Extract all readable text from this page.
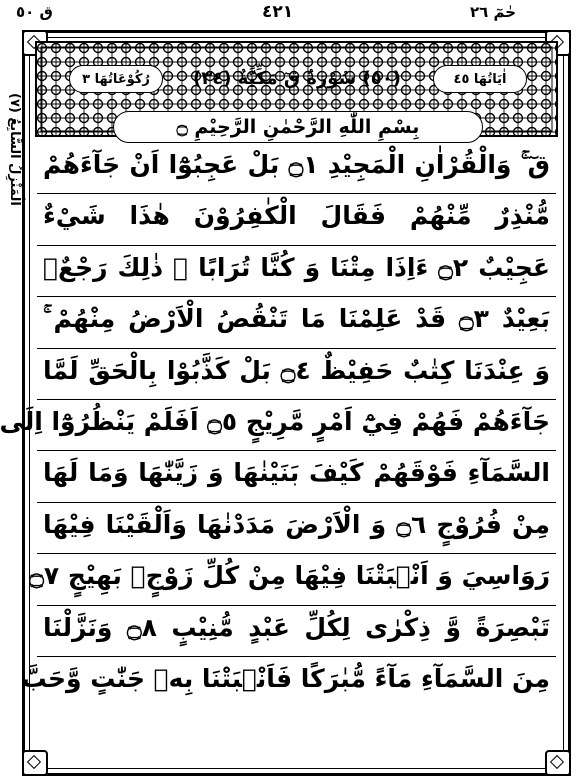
ق ٥٠	٤٢١	حٰمٓ ٢٦
اَلْمَنْزِلُ السَّابِعُ (٧)
رُكُوْعَاتُهَا ٣	(٥٠) سُوْرَةُ قٓ مَكِّيَّةٌ (٣٤)	اٰيَاتُهَا ٤٥
بِسْمِ اللّٰهِ الرَّحْمٰنِ الرَّحِيْمِ ۝
قٓ ۚ وَالْقُرْاٰنِ الْمَجِيْدِ ۝١ بَلْ عَجِبُوْٓا اَنْ جَآءَهُمْ
مُّنْذِرٌ مِّنْهُمْ فَقَالَ الْكٰفِرُوْنَ هٰذَا شَيْءٌ
عَجِيْبٌ ۝٢ ءَاِذَا مِتْنَا وَ كُنَّا تُرَابًا ۚ ذٰلِكَ رَجْعٌۢ
بَعِيْدٌ ۝٣ قَدْ عَلِمْنَا مَا تَنْقُصُ الْاَرْضُ مِنْهُمْ ۚ
وَ عِنْدَنَا كِتٰبٌ حَفِيْظٌ ۝٤ بَلْ كَذَّبُوْا بِالْحَقِّ لَمَّا
جَآءَهُمْ فَهُمْ فِيْٓ اَمْرٍ مَّرِيْجٍ ۝٥ اَفَلَمْ يَنْظُرُوْٓا اِلَى
السَّمَآءِ فَوْقَهُمْ كَيْفَ بَنَيْنٰهَا وَ زَيَّنّٰهَا وَمَا لَهَا
مِنْ فُرُوْجٍ ۝٦ وَ الْاَرْضَ مَدَدْنٰهَا وَاَلْقَيْنَا فِيْهَا
رَوَاسِيَ وَ اَنْۢبَتْنَا فِيْهَا مِنْ كُلِّ زَوْجٍۢ بَهِيْجٍ ۝٧
تَبْصِرَةً وَّ ذِكْرٰى لِكُلِّ عَبْدٍ مُّنِيْبٍ ۝٨ وَنَزَّلْنَا
مِنَ السَّمَآءِ مَآءً مُّبٰرَكًا فَاَنْۢبَتْنَا بِهٖ جَنّٰتٍ وَّحَبَّ
